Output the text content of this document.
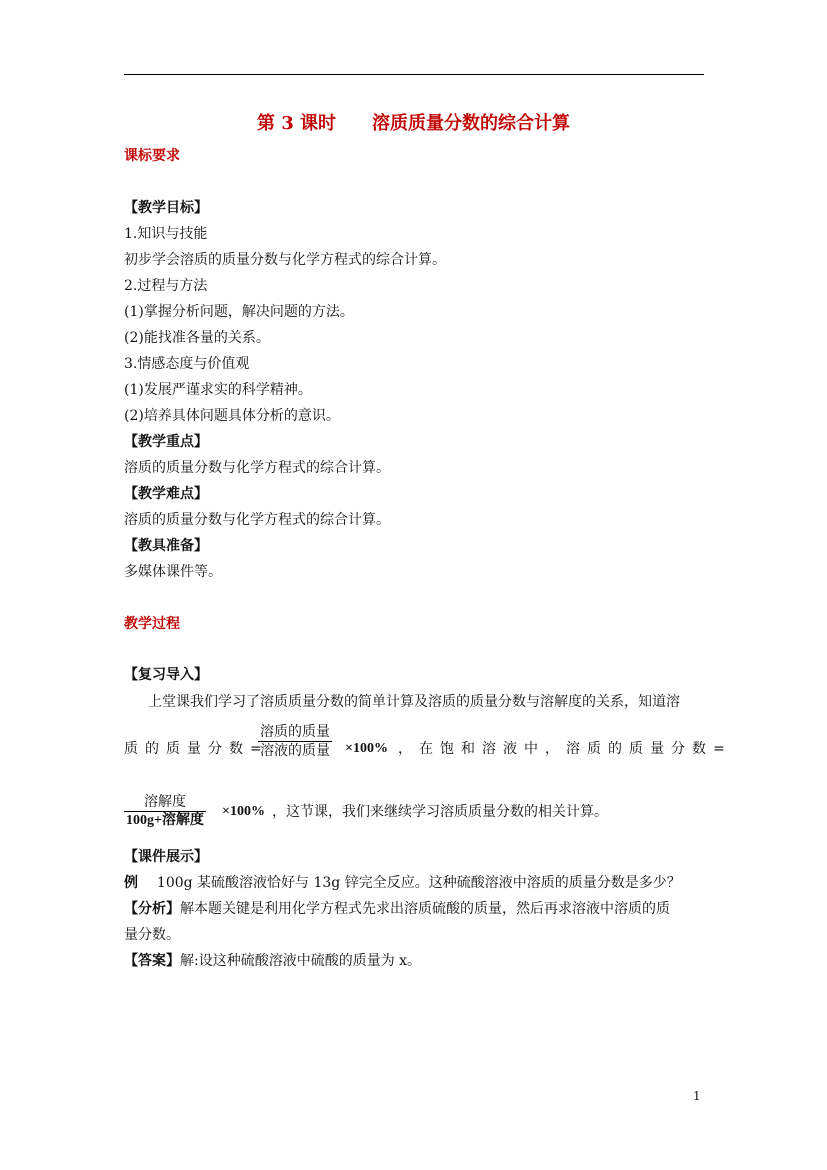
第 3 课时 溶质质量分数的综合计算
课标要求
【教学目标】
1.知识与技能
初步学会溶质的质量分数与化学方程式的综合计算。
2.过程与方法
(1)掌握分析问题，解决问题的方法。
(2)能找准各量的关系。
3.情感态度与价值观
(1)发展严谨求实的科学精神。
(2)培养具体问题具体分析的意识。
【教学重点】
溶质的质量分数与化学方程式的综合计算。
【教学难点】
溶质的质量分数与化学方程式的综合计算。
【教具准备】
多媒体课件等。
教学过程
【复习导入】
上堂课我们学习了溶质质量分数的简单计算及溶质的质量分数与溶解度的关系，知道溶
质的质量分数=
溶质的质量
溶液的质量 ×100% ，在饱和溶液中，溶质的质量分数=
溶解度
100g+溶解度
×100% ，这节课，我们来继续学习溶质质量分数的相关计算。
【课件展示】
例 100g 某硫酸溶液恰好与 13g 锌完全反应。这种硫酸溶液中溶质的质量分数是多少？
【分析】解本题关键是利用化学方程式先求出溶质硫酸的质量，然后再求溶液中溶质的质
量分数。
【答案】解:设这种硫酸溶液中硫酸的质量为 x。
1
